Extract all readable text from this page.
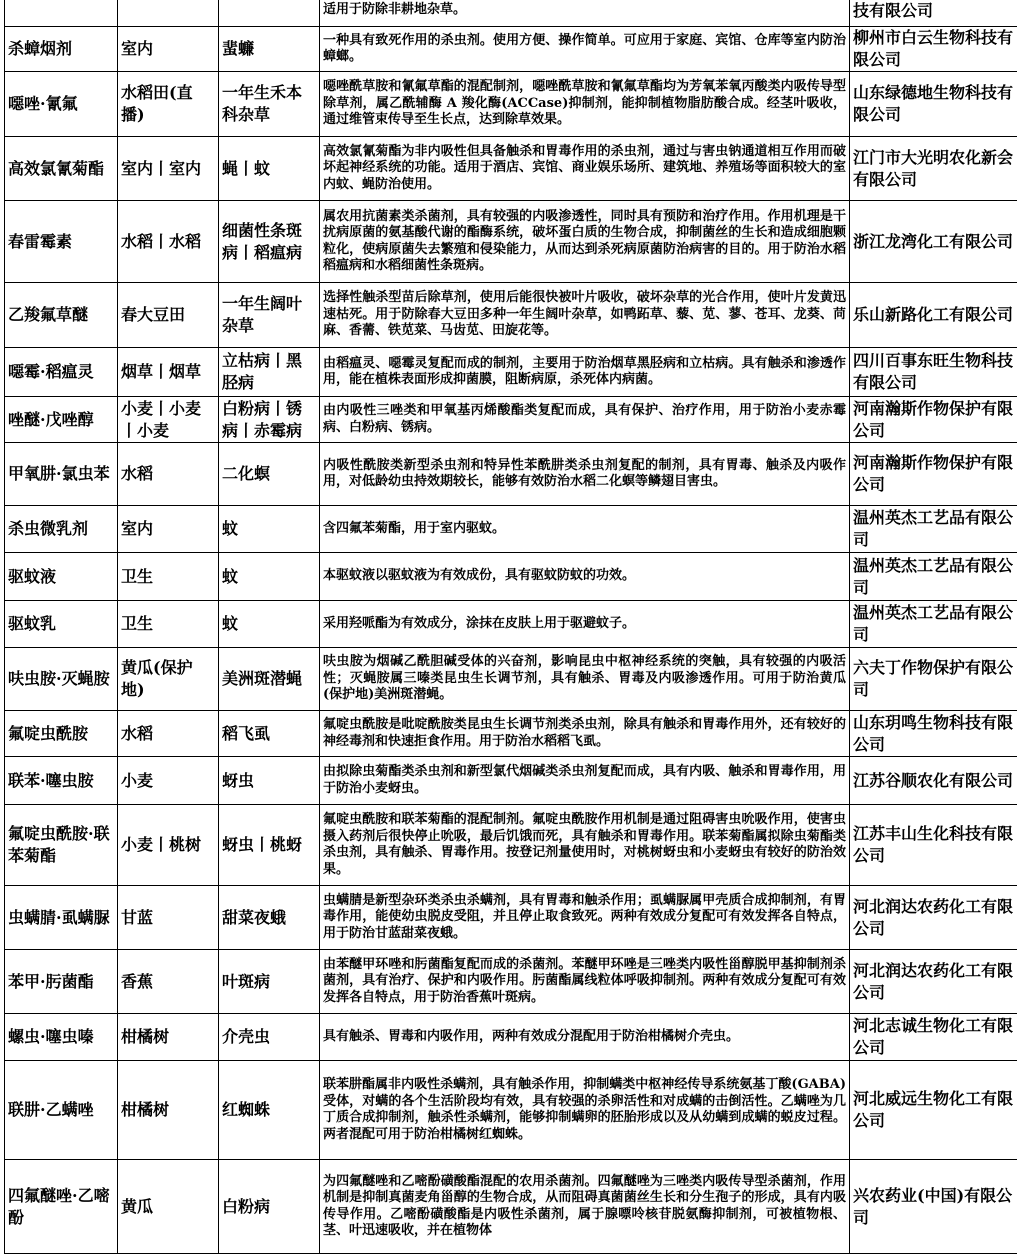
			适用于防除非耕地杂草。	技有限公司
杀蟑烟剂	室内	蜚蠊	一种具有致死作用的杀虫剂。使用方便、操作简单。可应用于家庭、宾馆、仓库等室内防治蟑螂。	柳州市白云生物科技有限公司
噁唑·氰氟	水稻田(直播)	一年生禾本科杂草	噁唑酰草胺和氰氟草酯的混配制剂，噁唑酰草胺和氰氟草酯均为芳氧苯氧丙酸类内吸传导型除草剂，属乙酰辅酶 A 羧化酶(ACCase)抑制剂，能抑制植物脂肪酸合成。经茎叶吸收，通过维管束传导至生长点，达到除草效果。	山东绿德地生物科技有限公司
高效氯氰菊酯	室内丨室内	蝇丨蚊	高效氯氰菊酯为非内吸性但具备触杀和胃毒作用的杀虫剂，通过与害虫钠通道相互作用而破坏起神经系统的功能。适用于酒店、宾馆、商业娱乐场所、建筑地、养殖场等面积较大的室内蚊、蝇防治使用。	江门市大光明农化新会有限公司
春雷霉素	水稻丨水稻	细菌性条斑病丨稻瘟病	属农用抗菌素类杀菌剂，具有较强的内吸渗透性，同时具有预防和治疗作用。作用机理是干扰病原菌的氨基酸代谢的酯酶系统，破坏蛋白质的生物合成，抑制菌丝的生长和造成细胞颗粒化，使病原菌失去繁殖和侵染能力，从而达到杀死病原菌防治病害的目的。用于防治水稻稻瘟病和水稻细菌性条斑病。	浙江龙湾化工有限公司
乙羧氟草醚	春大豆田	一年生阔叶杂草	选择性触杀型苗后除草剂，使用后能很快被叶片吸收，破坏杂草的光合作用，使叶片发黄迅速枯死。用于防除春大豆田多种一年生阔叶杂草，如鸭跖草、藜、苋、蓼、苍耳、龙葵、苘麻、香薷、铁苋菜、马齿苋、田旋花等。	乐山新路化工有限公司
噁霉·稻瘟灵	烟草丨烟草	立枯病丨黑胫病	由稻瘟灵、噁霉灵复配而成的制剂，主要用于防治烟草黑胫病和立枯病。具有触杀和渗透作用，能在植株表面形成抑菌膜，阻断病原，杀死体内病菌。	四川百事东旺生物科技有限公司
唑醚·戊唑醇	小麦丨小麦丨小麦	白粉病丨锈病丨赤霉病	由内吸性三唑类和甲氧基丙烯酸酯类复配而成，具有保护、治疗作用，用于防治小麦赤霉病、白粉病、锈病。	河南瀚斯作物保护有限公司
甲氧肼·氯虫苯	水稻	二化螟	内吸性酰胺类新型杀虫剂和特异性苯酰肼类杀虫剂复配的制剂，具有胃毒、触杀及内吸作用，对低龄幼虫持效期较长，能够有效防治水稻二化螟等鳞翅目害虫。	河南瀚斯作物保护有限公司
杀虫微乳剂	室内	蚊	含四氟苯菊酯，用于室内驱蚊。	温州英杰工艺品有限公司
驱蚊液	卫生	蚊	本驱蚊液以驱蚊液为有效成份，具有驱蚊防蚊的功效。	温州英杰工艺品有限公司
驱蚊乳	卫生	蚊	采用羟哌酯为有效成分，涂抹在皮肤上用于驱避蚊子。	温州英杰工艺品有限公司
呋虫胺·灭蝇胺	黄瓜(保护地)	美洲斑潜蝇	呋虫胺为烟碱乙酰胆碱受体的兴奋剂，影响昆虫中枢神经系统的突触，具有较强的内吸活性；灭蝇胺属三嗪类昆虫生长调节剂，具有触杀、胃毒及内吸渗透作用。可用于防治黄瓜(保护地)美洲斑潜蝇。	六夫丁作物保护有限公司
氟啶虫酰胺	水稻	稻飞虱	氟啶虫酰胺是吡啶酰胺类昆虫生长调节剂类杀虫剂，除具有触杀和胃毒作用外，还有较好的神经毒剂和快速拒食作用。用于防治水稻稻飞虱。	山东玥鸣生物科技有限公司
联苯·噻虫胺	小麦	蚜虫	由拟除虫菊酯类杀虫剂和新型氯代烟碱类杀虫剂复配而成，具有内吸、触杀和胃毒作用，用于防治小麦蚜虫。	江苏谷顺农化有限公司
氟啶虫酰胺·联苯菊酯	小麦丨桃树	蚜虫丨桃蚜	氟啶虫酰胺和联苯菊酯的混配制剂。氟啶虫酰胺作用机制是通过阻碍害虫吮吸作用，使害虫摄入药剂后很快停止吮吸，最后饥饿而死，具有触杀和胃毒作用。联苯菊酯属拟除虫菊酯类杀虫剂，具有触杀、胃毒作用。按登记剂量使用时，对桃树蚜虫和小麦蚜虫有较好的防治效果。	江苏丰山生化科技有限公司
虫螨腈·虱螨脲	甘蓝	甜菜夜蛾	虫螨腈是新型杂环类杀虫杀螨剂，具有胃毒和触杀作用；虱螨脲属甲壳质合成抑制剂，有胃毒作用，能使幼虫脱皮受阻，并且停止取食致死。两种有效成分复配可有效发挥各自特点，用于防治甘蓝甜菜夜蛾。	河北润达农药化工有限公司
苯甲·肟菌酯	香蕉	叶斑病	由苯醚甲环唑和肟菌酯复配而成的杀菌剂。苯醚甲环唑是三唑类内吸性甾醇脱甲基抑制剂杀菌剂，具有治疗、保护和内吸作用。肟菌酯属线粒体呼吸抑制剂。两种有效成分复配可有效发挥各自特点，用于防治香蕉叶斑病。	河北润达农药化工有限公司
螺虫·噻虫嗪	柑橘树	介壳虫	具有触杀、胃毒和内吸作用，两种有效成分混配用于防治柑橘树介壳虫。	河北志诚生物化工有限公司
联肼·乙螨唑	柑橘树	红蜘蛛	联苯肼酯属非内吸性杀螨剂，具有触杀作用，抑制螨类中枢神经传导系统氨基丁酸(GABA)受体，对螨的各个生活阶段均有效，具有较强的杀卵活性和对成螨的击倒活性。乙螨唑为几丁质合成抑制剂，触杀性杀螨剂，能够抑制螨卵的胚胎形成以及从幼螨到成螨的蜕皮过程。两者混配可用于防治柑橘树红蜘蛛。	河北威远生物化工有限公司
四氟醚唑·乙嘧酚	黄瓜	白粉病	为四氟醚唑和乙嘧酚磺酸酯混配的农用杀菌剂。四氟醚唑为三唑类内吸传导型杀菌剂，作用机制是抑制真菌麦角甾醇的生物合成，从而阻碍真菌菌丝生长和分生孢子的形成，具有内吸传导作用。乙嘧酚磺酸酯是内吸性杀菌剂，属于腺嘌呤核苷脱氨酶抑制剂，可被植物根、茎、叶迅速吸收，并在植物体	兴农药业(中国)有限公司
